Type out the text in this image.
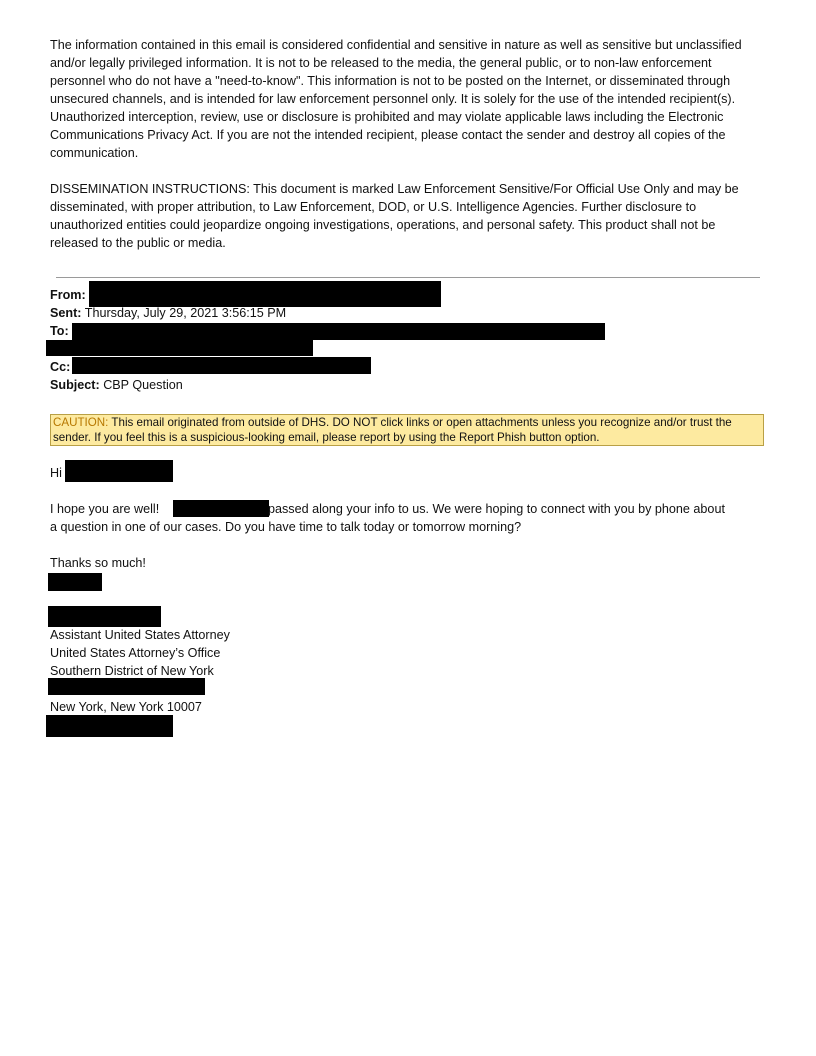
The information contained in this email is considered confidential and sensitive in nature as well as sensitive but unclassified and/or legally privileged information. It is not to be released to the media, the general public, or to non-law enforcement personnel who do not have a "need-to-know". This information is not to be posted on the Internet, or disseminated through unsecured channels, and is intended for law enforcement personnel only. It is solely for the use of the intended recipient(s). Unauthorized interception, review, use or disclosure is prohibited and may violate applicable laws including the Electronic Communications Privacy Act. If you are not the intended recipient, please contact the sender and destroy all copies of the communication.

DISSEMINATION INSTRUCTIONS: This document is marked Law Enforcement Sensitive/For Official Use Only and may be disseminated, with proper attribution, to Law Enforcement, DOD, or U.S. Intelligence Agencies. Further disclosure to unauthorized entities could jeopardize ongoing investigations, operations, and personal safety. This product shall not be released to the public or media.

From:
Sent: Thursday, July 29, 2021 3:56:15 PM
To:
Cc:
Subject: CBP Question
CAUTION: This email originated from outside of DHS. DO NOT click links or open attachments unless you recognize and/or trust the sender. If you feel this is a suspicious-looking email, please report by using the Report Phish button option.
Hi
I hope you are well!	passed along your info to us. We were hoping to connect with you by phone about
a question in one of our cases. Do you have time to talk today or tomorrow morning?
Thanks so much!
Assistant United States Attorney
United States Attorney’s Office
Southern District of New York
New York, New York 10007
